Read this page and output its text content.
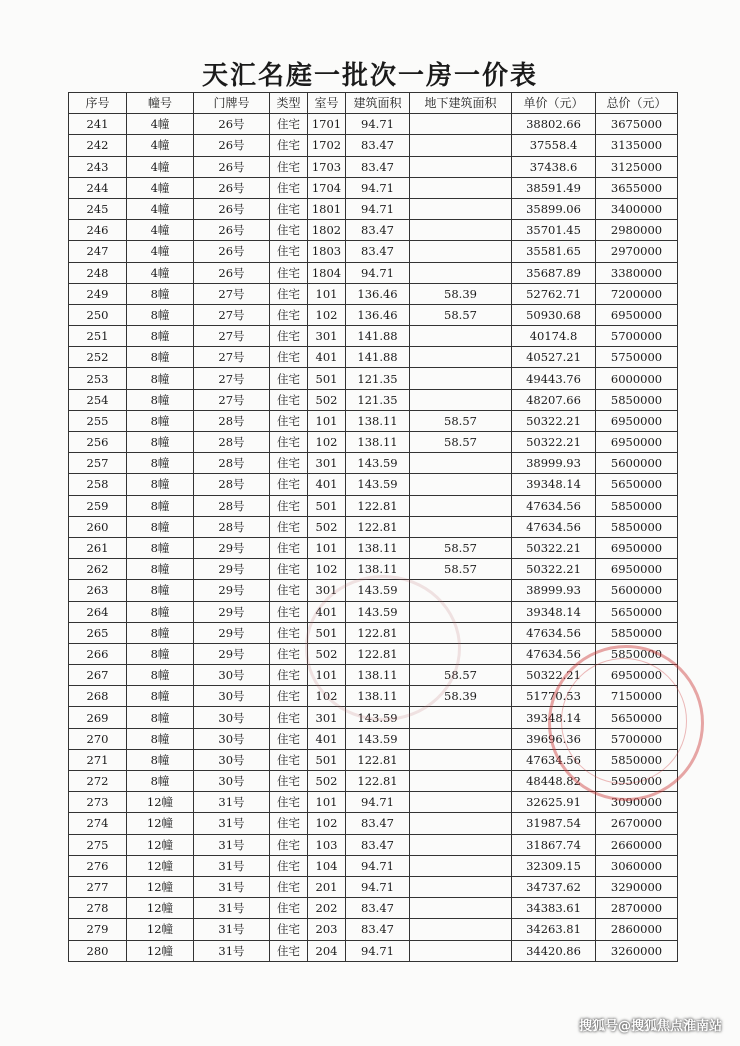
天汇名庭一批次一房一价表
序号	幢号	门牌号	类型	室号	建筑面积	地下建筑面积	单价（元）	总价（元）
241	4幢	26号	住宅	1701	94.71		38802.66	3675000
242	4幢	26号	住宅	1702	83.47		37558.4	3135000
243	4幢	26号	住宅	1703	83.47		37438.6	3125000
244	4幢	26号	住宅	1704	94.71		38591.49	3655000
245	4幢	26号	住宅	1801	94.71		35899.06	3400000
246	4幢	26号	住宅	1802	83.47		35701.45	2980000
247	4幢	26号	住宅	1803	83.47		35581.65	2970000
248	4幢	26号	住宅	1804	94.71		35687.89	3380000
249	8幢	27号	住宅	101	136.46	58.39	52762.71	7200000
250	8幢	27号	住宅	102	136.46	58.57	50930.68	6950000
251	8幢	27号	住宅	301	141.88		40174.8	5700000
252	8幢	27号	住宅	401	141.88		40527.21	5750000
253	8幢	27号	住宅	501	121.35		49443.76	6000000
254	8幢	27号	住宅	502	121.35		48207.66	5850000
255	8幢	28号	住宅	101	138.11	58.57	50322.21	6950000
256	8幢	28号	住宅	102	138.11	58.57	50322.21	6950000
257	8幢	28号	住宅	301	143.59		38999.93	5600000
258	8幢	28号	住宅	401	143.59		39348.14	5650000
259	8幢	28号	住宅	501	122.81		47634.56	5850000
260	8幢	28号	住宅	502	122.81		47634.56	5850000
261	8幢	29号	住宅	101	138.11	58.57	50322.21	6950000
262	8幢	29号	住宅	102	138.11	58.57	50322.21	6950000
263	8幢	29号	住宅	301	143.59		38999.93	5600000
264	8幢	29号	住宅	401	143.59		39348.14	5650000
265	8幢	29号	住宅	501	122.81		47634.56	5850000
266	8幢	29号	住宅	502	122.81		47634.56	5850000
267	8幢	30号	住宅	101	138.11	58.57	50322.21	6950000
268	8幢	30号	住宅	102	138.11	58.39	51770.53	7150000
269	8幢	30号	住宅	301	143.59		39348.14	5650000
270	8幢	30号	住宅	401	143.59		39696.36	5700000
271	8幢	30号	住宅	501	122.81		47634.56	5850000
272	8幢	30号	住宅	502	122.81		48448.82	5950000
273	12幢	31号	住宅	101	94.71		32625.91	3090000
274	12幢	31号	住宅	102	83.47		31987.54	2670000
275	12幢	31号	住宅	103	83.47		31867.74	2660000
276	12幢	31号	住宅	104	94.71		32309.15	3060000
277	12幢	31号	住宅	201	94.71		34737.62	3290000
278	12幢	31号	住宅	202	83.47		34383.61	2870000
279	12幢	31号	住宅	203	83.47		34263.81	2860000
280	12幢	31号	住宅	204	94.71		34420.86	3260000
搜狐号@搜狐焦点淮南站
